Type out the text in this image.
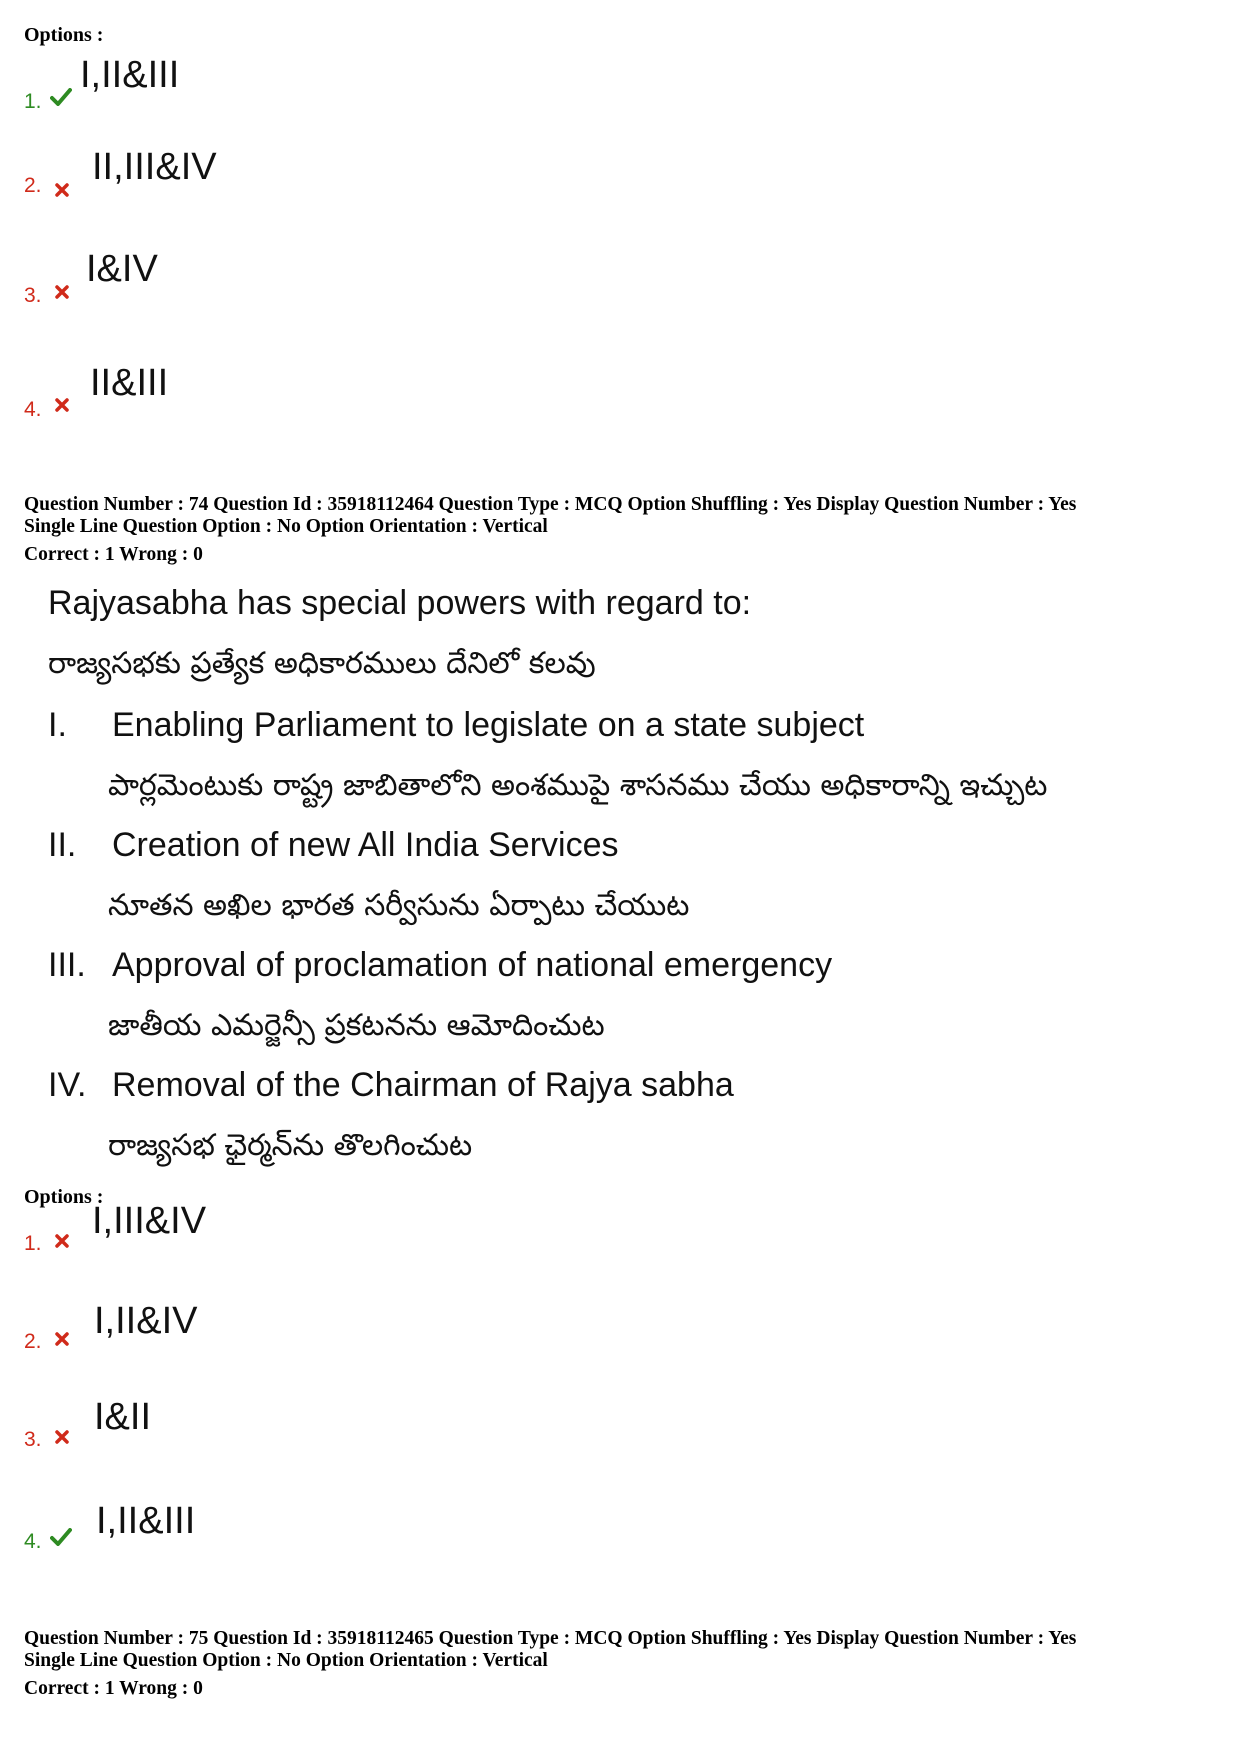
Options :
1.
I,II&III
2. II,III&IV
3.
I&IV
4.
II&III
Question Number : 74 Question Id : 35918112464 Question Type : MCQ Option Shuffling : Yes Display Question Number : Yes
Single Line Question Option : No Option Orientation : Vertical
Correct : 1 Wrong : 0
Rajyasabha has special powers with regard to:
రాజ్యసభకు ప్రత్యేక అధికారములు దేనిలో కలవు
I. Enabling Parliament to legislate on a state subject
పార్లమెంటుకు రాష్ట్ర జాబితాలోని అంశముపై శాసనము చేయు అధికారాన్ని ఇచ్చుట
II. Creation of new All India Services
నూతన అఖిల భారత సర్వీసును ఏర్పాటు చేయుట
III. Approval of proclamation of national emergency
జాతీయ ఎమర్జెన్సీ ప్రకటనను ఆమోదించుట
IV. Removal of the Chairman of Rajya sabha
రాజ్యసభ ఛైర్మన్‌ను తొలగించుట
Options :
1.
I,III&IV
2. I,II&IV
3.
I&II
4. I,II&III
Question Number : 75 Question Id : 35918112465 Question Type : MCQ Option Shuffling : Yes Display Question Number : Yes
Single Line Question Option : No Option Orientation : Vertical
Correct : 1 Wrong : 0
